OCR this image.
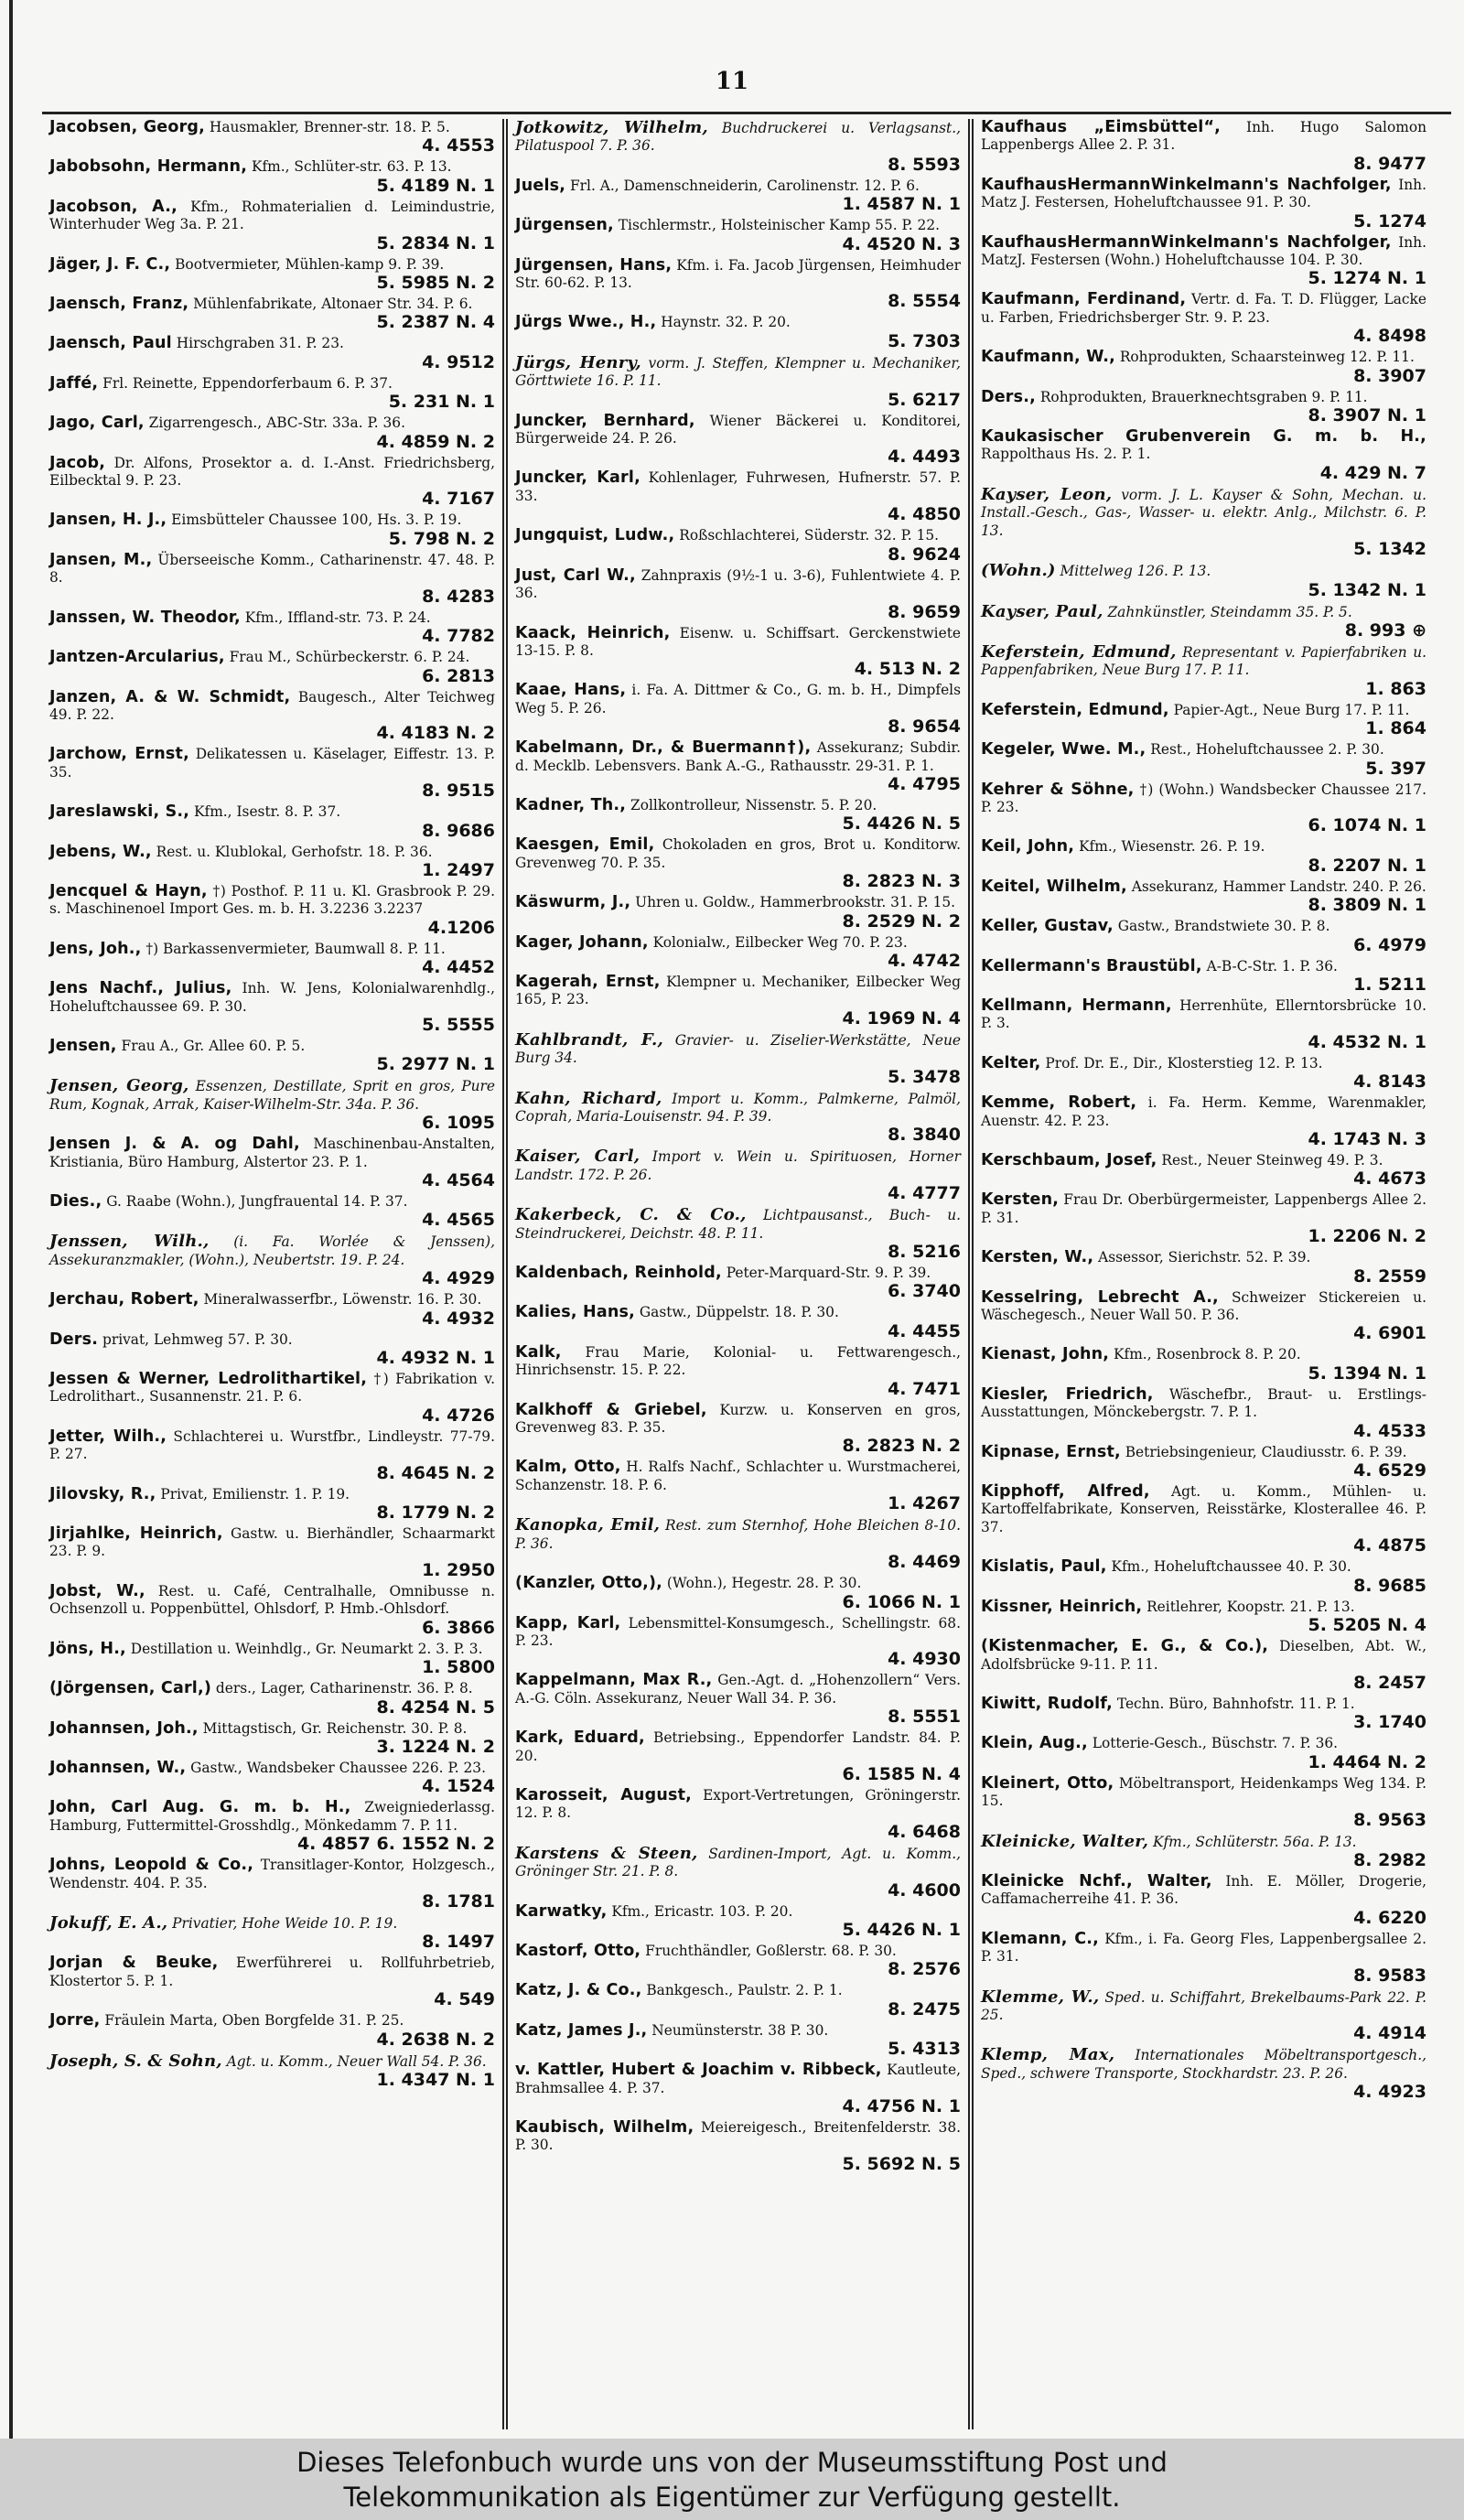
11
Jacobsen, Georg, Hausmakler, Brenner-str. 18. P. 5.
4. 4553
Jabobsohn, Hermann, Kfm., Schlüter-str. 63. P. 13.
5. 4189 N. 1
Jacobson, A., Kfm., Rohmaterialien d. Leimindustrie, Winterhuder Weg 3a. P. 21.
5. 2834 N. 1
Jäger, J. F. C., Bootvermieter, Mühlen-kamp 9. P. 39.
5. 5985 N. 2
Jaensch, Franz, Mühlenfabrikate, Altonaer Str. 34. P. 6.
5. 2387 N. 4
Jaensch, Paul Hirschgraben 31. P. 23.
4. 9512
Jaffé, Frl. Reinette, Eppendorferbaum 6. P. 37.
5. 231 N. 1
Jago, Carl, Zigarrengesch., ABC-Str. 33a. P. 36.
4. 4859 N. 2
Jacob, Dr. Alfons, Prosektor a. d. I.-Anst. Friedrichsberg, Eilbecktal 9. P. 23.
4. 7167
Jansen, H. J., Eimsbütteler Chaussee 100, Hs. 3. P. 19.
5. 798 N. 2
Jansen, M., Überseeische Komm., Catharinenstr. 47. 48. P. 8.
8. 4283
Janssen, W. Theodor, Kfm., Iffland-str. 73. P. 24.
4. 7782
Jantzen-Arcularius, Frau M., Schürbeckerstr. 6. P. 24.
6. 2813
Janzen, A. & W. Schmidt, Baugesch., Alter Teichweg 49. P. 22.
4. 4183 N. 2
Jarchow, Ernst, Delikatessen u. Käselager, Eiffestr. 13. P. 35.
8. 9515
Jareslawski, S., Kfm., Isestr. 8. P. 37.
8. 9686
Jebens, W., Rest. u. Klublokal, Gerhofstr. 18. P. 36.
1. 2497
Jencquel & Hayn, †) Posthof. P. 11 u. Kl. Grasbrook P. 29. s. Maschinenoel Import Ges. m. b. H. 3.2236 3.2237
4.1206
Jens, Joh., †) Barkassenvermieter, Baumwall 8. P. 11.
4. 4452
Jens Nachf., Julius, Inh. W. Jens, Kolonialwarenhdlg., Hoheluftchaussee 69. P. 30.
5. 5555
Jensen, Frau A., Gr. Allee 60. P. 5.
5. 2977 N. 1
Jensen, Georg, Essenzen, Destillate, Sprit en gros, Pure Rum, Kognak, Arrak, Kaiser-Wilhelm-Str. 34a. P. 36.
6. 1095
Jensen J. & A. og Dahl, Maschinenbau-Anstalten, Kristiania, Büro Hamburg, Alstertor 23. P. 1.
4. 4564
Dies., G. Raabe (Wohn.), Jungfrauental 14. P. 37.
4. 4565
Jenssen, Wilh., (i. Fa. Worlée & Jenssen), Assekuranzmakler, (Wohn.), Neubertstr. 19. P. 24.
4. 4929
Jerchau, Robert, Mineralwasserfbr., Löwenstr. 16. P. 30.
4. 4932
Ders. privat, Lehmweg 57. P. 30.
4. 4932 N. 1
Jessen & Werner, Ledrolithartikel, †) Fabrikation v. Ledrolithart., Susannenstr. 21. P. 6.
4. 4726
Jetter, Wilh., Schlachterei u. Wurstfbr., Lindleystr. 77-79. P. 27.
8. 4645 N. 2
Jilovsky, R., Privat, Emilienstr. 1. P. 19.
8. 1779 N. 2
Jirjahlke, Heinrich, Gastw. u. Bierhändler, Schaarmarkt 23. P. 9.
1. 2950
Jobst, W., Rest. u. Café, Centralhalle, Omnibusse n. Ochsenzoll u. Poppenbüttel, Ohlsdorf, P. Hmb.-Ohlsdorf.
6. 3866
Jöns, H., Destillation u. Weinhdlg., Gr. Neumarkt 2. 3. P. 3.
1. 5800
(Jörgensen, Carl,) ders., Lager, Catharinenstr. 36. P. 8.
8. 4254 N. 5
Johannsen, Joh., Mittagstisch, Gr. Reichenstr. 30. P. 8.
3. 1224 N. 2
Johannsen, W., Gastw., Wandsbeker Chaussee 226. P. 23.
4. 1524
John, Carl Aug. G. m. b. H., Zweigniederlassg. Hamburg, Futtermittel-Grosshdlg., Mönkedamm 7. P. 11.
4. 4857 6. 1552 N. 2
Johns, Leopold & Co., Transitlager-Kontor, Holzgesch., Wendenstr. 404. P. 35.
8. 1781
Jokuff, E. A., Privatier, Hohe Weide 10. P. 19.
8. 1497
Jorjan & Beuke, Ewerführerei u. Rollfuhrbetrieb, Klostertor 5. P. 1.
4. 549
Jorre, Fräulein Marta, Oben Borgfelde 31. P. 25.
4. 2638 N. 2
Joseph, S. & Sohn, Agt. u. Komm., Neuer Wall 54. P. 36.
1. 4347 N. 1
Jotkowitz, Wilhelm, Buchdruckerei u. Verlagsanst., Pilatuspool 7. P. 36.
8. 5593
Juels, Frl. A., Damenschneiderin, Carolinenstr. 12. P. 6.
1. 4587 N. 1
Jürgensen, Tischlermstr., Holsteinischer Kamp 55. P. 22.
4. 4520 N. 3
Jürgensen, Hans, Kfm. i. Fa. Jacob Jürgensen, Heimhuder Str. 60-62. P. 13.
8. 5554
Jürgs Wwe., H., Haynstr. 32. P. 20.
5. 7303
Jürgs, Henry, vorm. J. Steffen, Klempner u. Mechaniker, Görttwiete 16. P. 11.
5. 6217
Juncker, Bernhard, Wiener Bäckerei u. Konditorei, Bürgerweide 24. P. 26.
4. 4493
Juncker, Karl, Kohlenlager, Fuhrwesen, Hufnerstr. 57. P. 33.
4. 4850
Jungquist, Ludw., Roßschlachterei, Süderstr. 32. P. 15.
8. 9624
Just, Carl W., Zahnpraxis (9½-1 u. 3-6), Fuhlentwiete 4. P. 36.
8. 9659
Kaack, Heinrich, Eisenw. u. Schiffsart. Gerckenstwiete 13-15. P. 8.
4. 513 N. 2
Kaae, Hans, i. Fa. A. Dittmer & Co., G. m. b. H., Dimpfels Weg 5. P. 26.
8. 9654
Kabelmann, Dr., & Buermann†), Assekuranz; Subdir. d. Mecklb. Lebensvers. Bank A.-G., Rathausstr. 29-31. P. 1.
4. 4795
Kadner, Th., Zollkontrolleur, Nissenstr. 5. P. 20.
5. 4426 N. 5
Kaesgen, Emil, Chokoladen en gros, Brot u. Konditorw. Grevenweg 70. P. 35.
8. 2823 N. 3
Käswurm, J., Uhren u. Goldw., Hammerbrookstr. 31. P. 15.
8. 2529 N. 2
Kager, Johann, Kolonialw., Eilbecker Weg 70. P. 23.
4. 4742
Kagerah, Ernst, Klempner u. Mechaniker, Eilbecker Weg 165, P. 23.
4. 1969 N. 4
Kahlbrandt, F., Gravier- u. Ziselier-Werkstätte, Neue Burg 34.
5. 3478
Kahn, Richard, Import u. Komm., Palmkerne, Palmöl, Coprah, Maria-Louisenstr. 94. P. 39.
8. 3840
Kaiser, Carl, Import v. Wein u. Spirituosen, Horner Landstr. 172. P. 26.
4. 4777
Kakerbeck, C. & Co., Lichtpausanst., Buch- u. Steindruckerei, Deichstr. 48. P. 11.
8. 5216
Kaldenbach, Reinhold, Peter-Marquard-Str. 9. P. 39.
6. 3740
Kalies, Hans, Gastw., Düppelstr. 18. P. 30.
4. 4455
Kalk, Frau Marie, Kolonial- u. Fettwarengesch., Hinrichsenstr. 15. P. 22.
4. 7471
Kalkhoff & Griebel, Kurzw. u. Konserven en gros, Grevenweg 83. P. 35.
8. 2823 N. 2
Kalm, Otto, H. Ralfs Nachf., Schlachter u. Wurstmacherei, Schanzenstr. 18. P. 6.
1. 4267
Kanopka, Emil, Rest. zum Sternhof, Hohe Bleichen 8-10. P. 36.
8. 4469
(Kanzler, Otto,), (Wohn.), Hegestr. 28. P. 30.
6. 1066 N. 1
Kapp, Karl, Lebensmittel-Konsumgesch., Schellingstr. 68. P. 23.
4. 4930
Kappelmann, Max R., Gen.-Agt. d. „Hohenzollern“ Vers. A.-G. Cöln. Assekuranz, Neuer Wall 34. P. 36.
8. 5551
Kark, Eduard, Betriebsing., Eppendorfer Landstr. 84. P. 20.
6. 1585 N. 4
Karosseit, August, Export-Vertretungen, Gröningerstr. 12. P. 8.
4. 6468
Karstens & Steen, Sardinen-Import, Agt. u. Komm., Gröninger Str. 21. P. 8.
4. 4600
Karwatky, Kfm., Ericastr. 103. P. 20.
5. 4426 N. 1
Kastorf, Otto, Fruchthändler, Goßlerstr. 68. P. 30.
8. 2576
Katz, J. & Co., Bankgesch., Paulstr. 2. P. 1.
8. 2475
Katz, James J., Neumünsterstr. 38 P. 30.
5. 4313
v. Kattler, Hubert & Joachim v. Ribbeck, Kautleute, Brahmsallee 4. P. 37.
4. 4756 N. 1
Kaubisch, Wilhelm, Meiereigesch., Breitenfelderstr. 38. P. 30.
5. 5692 N. 5
Kaufhaus „Eimsbüttel“, Inh. Hugo Salomon Lappenbergs Allee 2. P. 31.
8. 9477
KaufhausHermannWinkelmann's Nachfolger, Inh. Matz J. Festersen, Hoheluftchaussee 91. P. 30.
5. 1274
KaufhausHermannWinkelmann's Nachfolger, Inh. MatzJ. Festersen (Wohn.) Hoheluftchausse 104. P. 30.
5. 1274 N. 1
Kaufmann, Ferdinand, Vertr. d. Fa. T. D. Flügger, Lacke u. Farben, Friedrichsberger Str. 9. P. 23.
4. 8498
Kaufmann, W., Rohprodukten, Schaarsteinweg 12. P. 11.
8. 3907
Ders., Rohprodukten, Brauerknechtsgraben 9. P. 11.
8. 3907 N. 1
Kaukasischer Grubenverein G. m. b. H., Rappolthaus Hs. 2. P. 1.
4. 429 N. 7
Kayser, Leon, vorm. J. L. Kayser & Sohn, Mechan. u. Install.-Gesch., Gas-, Wasser- u. elektr. Anlg., Milchstr. 6. P. 13.
5. 1342
(Wohn.) Mittelweg 126. P. 13.
5. 1342 N. 1
Kayser, Paul, Zahnkünstler, Steindamm 35. P. 5.
8. 993 ⊕
Keferstein, Edmund, Representant v. Papierfabriken u. Pappenfabriken, Neue Burg 17. P. 11.
1. 863
Keferstein, Edmund, Papier-Agt., Neue Burg 17. P. 11.
1. 864
Kegeler, Wwe. M., Rest., Hoheluftchaussee 2. P. 30.
5. 397
Kehrer & Söhne, †) (Wohn.) Wandsbecker Chaussee 217. P. 23.
6. 1074 N. 1
Keil, John, Kfm., Wiesenstr. 26. P. 19.
8. 2207 N. 1
Keitel, Wilhelm, Assekuranz, Hammer Landstr. 240. P. 26.
8. 3809 N. 1
Keller, Gustav, Gastw., Brandstwiete 30. P. 8.
6. 4979
Kellermann's Braustübl, A-B-C-Str. 1. P. 36.
1. 5211
Kellmann, Hermann, Herrenhüte, Ellerntorsbrücke 10. P. 3.
4. 4532 N. 1
Kelter, Prof. Dr. E., Dir., Klosterstieg 12. P. 13.
4. 8143
Kemme, Robert, i. Fa. Herm. Kemme, Warenmakler, Auenstr. 42. P. 23.
4. 1743 N. 3
Kerschbaum, Josef, Rest., Neuer Steinweg 49. P. 3.
4. 4673
Kersten, Frau Dr. Oberbürgermeister, Lappenbergs Allee 2. P. 31.
1. 2206 N. 2
Kersten, W., Assessor, Sierichstr. 52. P. 39.
8. 2559
Kesselring, Lebrecht A., Schweizer Stickereien u. Wäschegesch., Neuer Wall 50. P. 36.
4. 6901
Kienast, John, Kfm., Rosenbrock 8. P. 20.
5. 1394 N. 1
Kiesler, Friedrich, Wäschefbr., Braut- u. Erstlings-Ausstattungen, Mönckebergstr. 7. P. 1.
4. 4533
Kipnase, Ernst, Betriebsingenieur, Claudiusstr. 6. P. 39.
4. 6529
Kipphoff, Alfred, Agt. u. Komm., Mühlen- u. Kartoffelfabrikate, Konserven, Reisstärke, Klosterallee 46. P. 37.
4. 4875
Kislatis, Paul, Kfm., Hoheluftchaussee 40. P. 30.
8. 9685
Kissner, Heinrich, Reitlehrer, Koopstr. 21. P. 13.
5. 5205 N. 4
(Kistenmacher, E. G., & Co.), Dieselben, Abt. W., Adolfsbrücke 9-11. P. 11.
8. 2457
Kiwitt, Rudolf, Techn. Büro, Bahnhofstr. 11. P. 1.
3. 1740
Klein, Aug., Lotterie-Gesch., Büschstr. 7. P. 36.
1. 4464 N. 2
Kleinert, Otto, Möbeltransport, Heidenkamps Weg 134. P. 15.
8. 9563
Kleinicke, Walter, Kfm., Schlüterstr. 56a. P. 13.
8. 2982
Kleinicke Nchf., Walter, Inh. E. Möller, Drogerie, Caffamacherreihe 41. P. 36.
4. 6220
Klemann, C., Kfm., i. Fa. Georg Fles, Lappenbergsallee 2. P. 31.
8. 9583
Klemme, W., Sped. u. Schiffahrt, Brekelbaums-Park 22. P. 25.
4. 4914
Klemp, Max, Internationales Möbeltransportgesch., Sped., schwere Transporte, Stockhardstr. 23. P. 26.
4. 4923
Dieses Telefonbuch wurde uns von der Museumsstiftung Post und
Telekommunikation als Eigentümer zur Verfügung gestellt.
